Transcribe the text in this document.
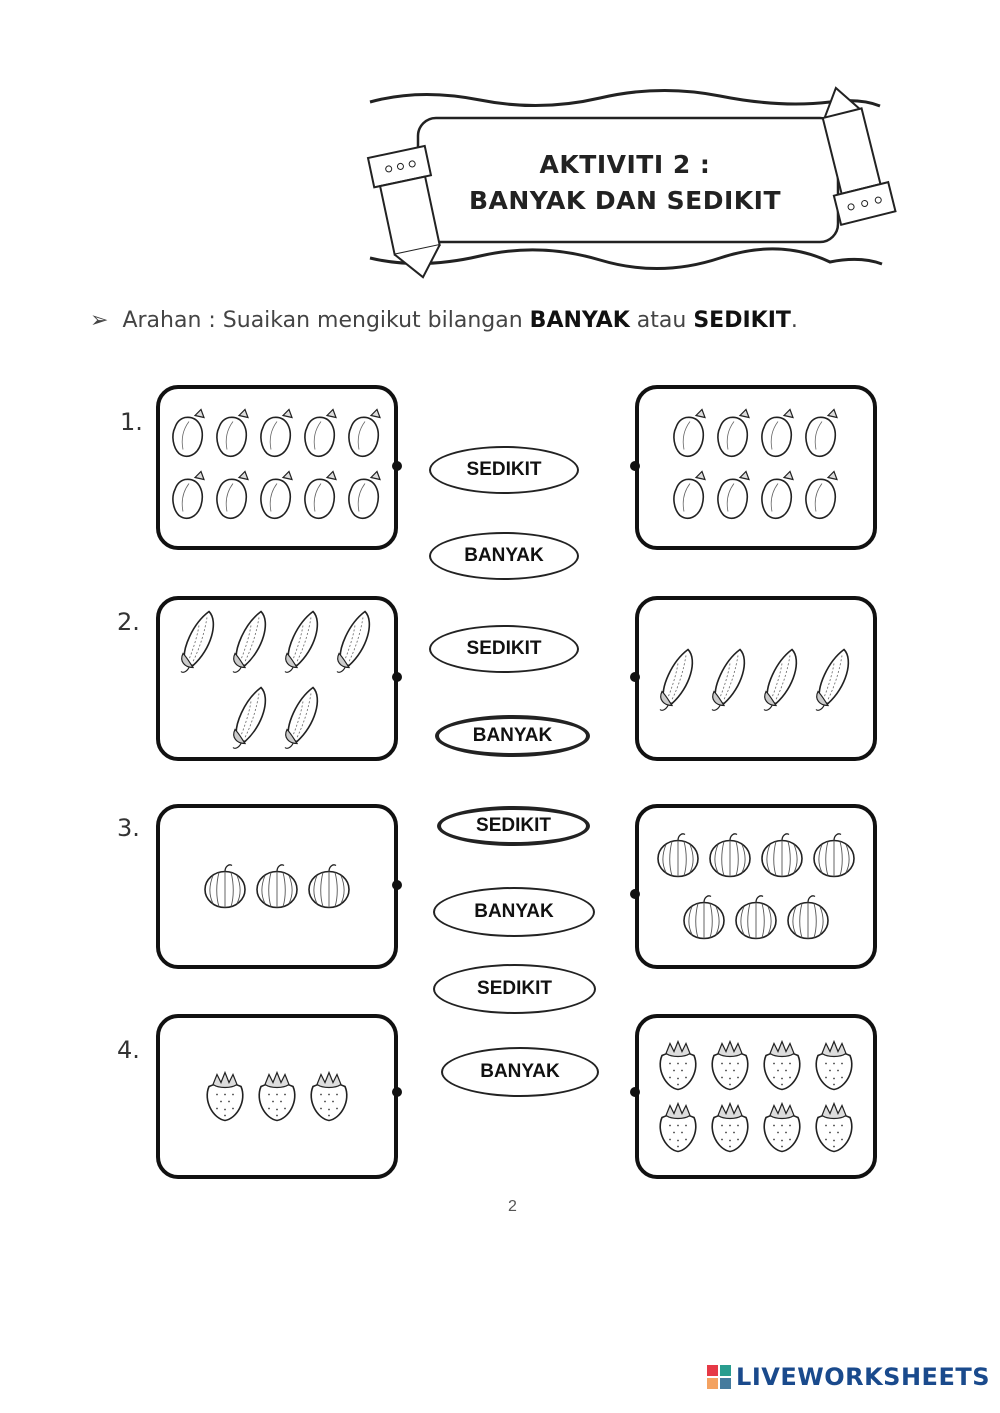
AKTIVITI 2 :
BANYAK DAN SEDIKIT
➢ Arahan : Suaikan mengikut bilangan BANYAK atau SEDIKIT.
1.
2.
3.
4.
SEDIKIT
BANYAK
SEDIKIT
BANYAK
SEDIKIT
BANYAK
SEDIKIT
BANYAK
2
LIVEWORKSHEETS
